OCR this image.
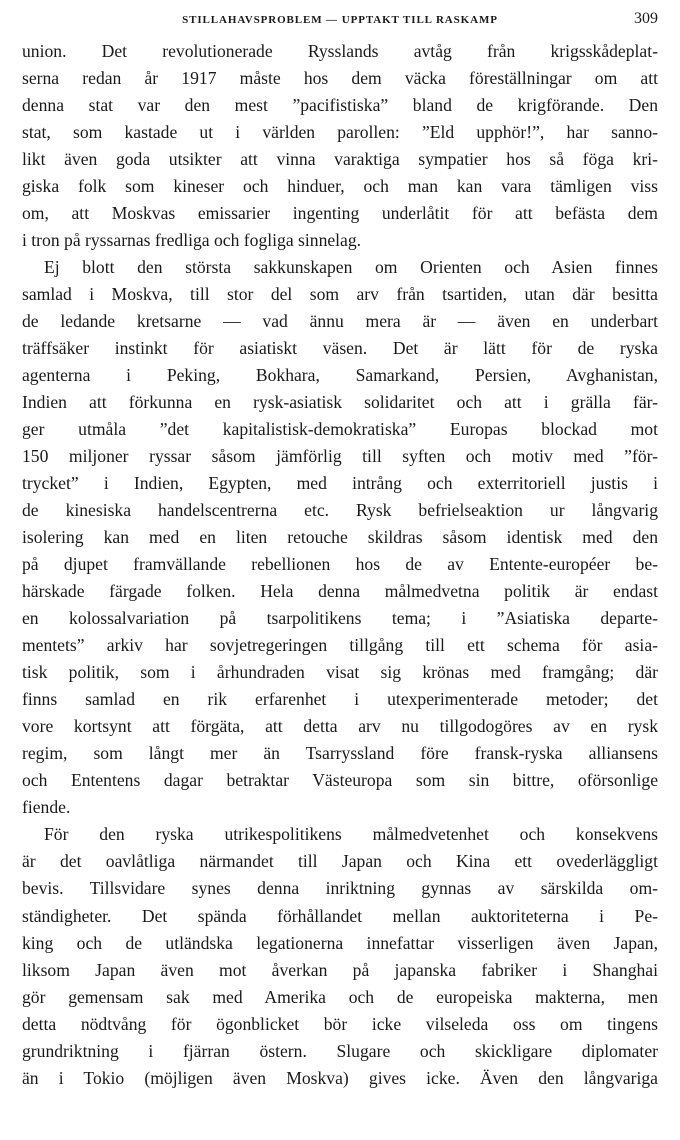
STILLAHAVSPROBLEM — UPPTAKT TILL RASKAMP	309
union. Det revolutionerade Rysslands avtåg från krigsskådeplat-
serna redan år 1917 måste hos dem väcka föreställningar om att
denna stat var den mest ”pacifistiska” bland de krigförande. Den
stat, som kastade ut i världen parollen: ”Eld upphör!”, har sanno-
likt även goda utsikter att vinna varaktiga sympatier hos så föga kri-
giska folk som kineser och hinduer, och man kan vara tämligen viss
om, att Moskvas emissarier ingenting underlåtit för att befästa dem
i tron på ryssarnas fredliga och fogliga sinnelag.
Ej blott den största sakkunskapen om Orienten och Asien finnes
samlad i Moskva, till stor del som arv från tsartiden, utan där besitta
de ledande kretsarne — vad ännu mera är — även en underbart
träffsäker instinkt för asiatiskt väsen. Det är lätt för de ryska
agenterna i Peking, Bokhara, Samarkand, Persien, Avghanistan,
Indien att förkunna en rysk-asiatisk solidaritet och att i grälla fär-
ger utmåla ”det kapitalistisk-demokratiska” Europas blockad mot
150 miljoner ryssar såsom jämförlig till syften och motiv med ”för-
trycket” i Indien, Egypten, med intrång och exterritoriell justis i
de kinesiska handelscentrerna etc. Rysk befrielseaktion ur långvarig
isolering kan med en liten retouche skildras såsom identisk med den
på djupet framvällande rebellionen hos de av Entente-européer be-
härskade färgade folken. Hela denna målmedvetna politik är endast
en kolossalvariation på tsarpolitikens tema; i ”Asiatiska departe-
mentets” arkiv har sovjetregeringen tillgång till ett schema för asia-
tisk politik, som i århundraden visat sig krönas med framgång; där
finns samlad en rik erfarenhet i utexperimenterade metoder; det
vore kortsynt att förgäta, att detta arv nu tillgodogöres av en rysk
regim, som långt mer än Tsarryssland före fransk-ryska alliansens
och Ententens dagar betraktar Västeuropa som sin bittre, oförsonlige
fiende.
För den ryska utrikespolitikens målmedvetenhet och konsekvens
är det oavlåtliga närmandet till Japan och Kina ett ovederläggligt
bevis. Tillsvidare synes denna inriktning gynnas av särskilda om-
ständigheter. Det spända förhållandet mellan auktoriteterna i Pe-
king och de utländska legationerna innefattar visserligen även Japan,
liksom Japan även mot åverkan på japanska fabriker i Shanghai
gör gemensam sak med Amerika och de europeiska makterna, men
detta nödtvång för ögonblicket bör icke vilseleda oss om tingens
grundriktning i fjärran östern. Slugare och skickligare diplomater
än i Tokio (möjligen även Moskva) gives icke. Även den långvariga
